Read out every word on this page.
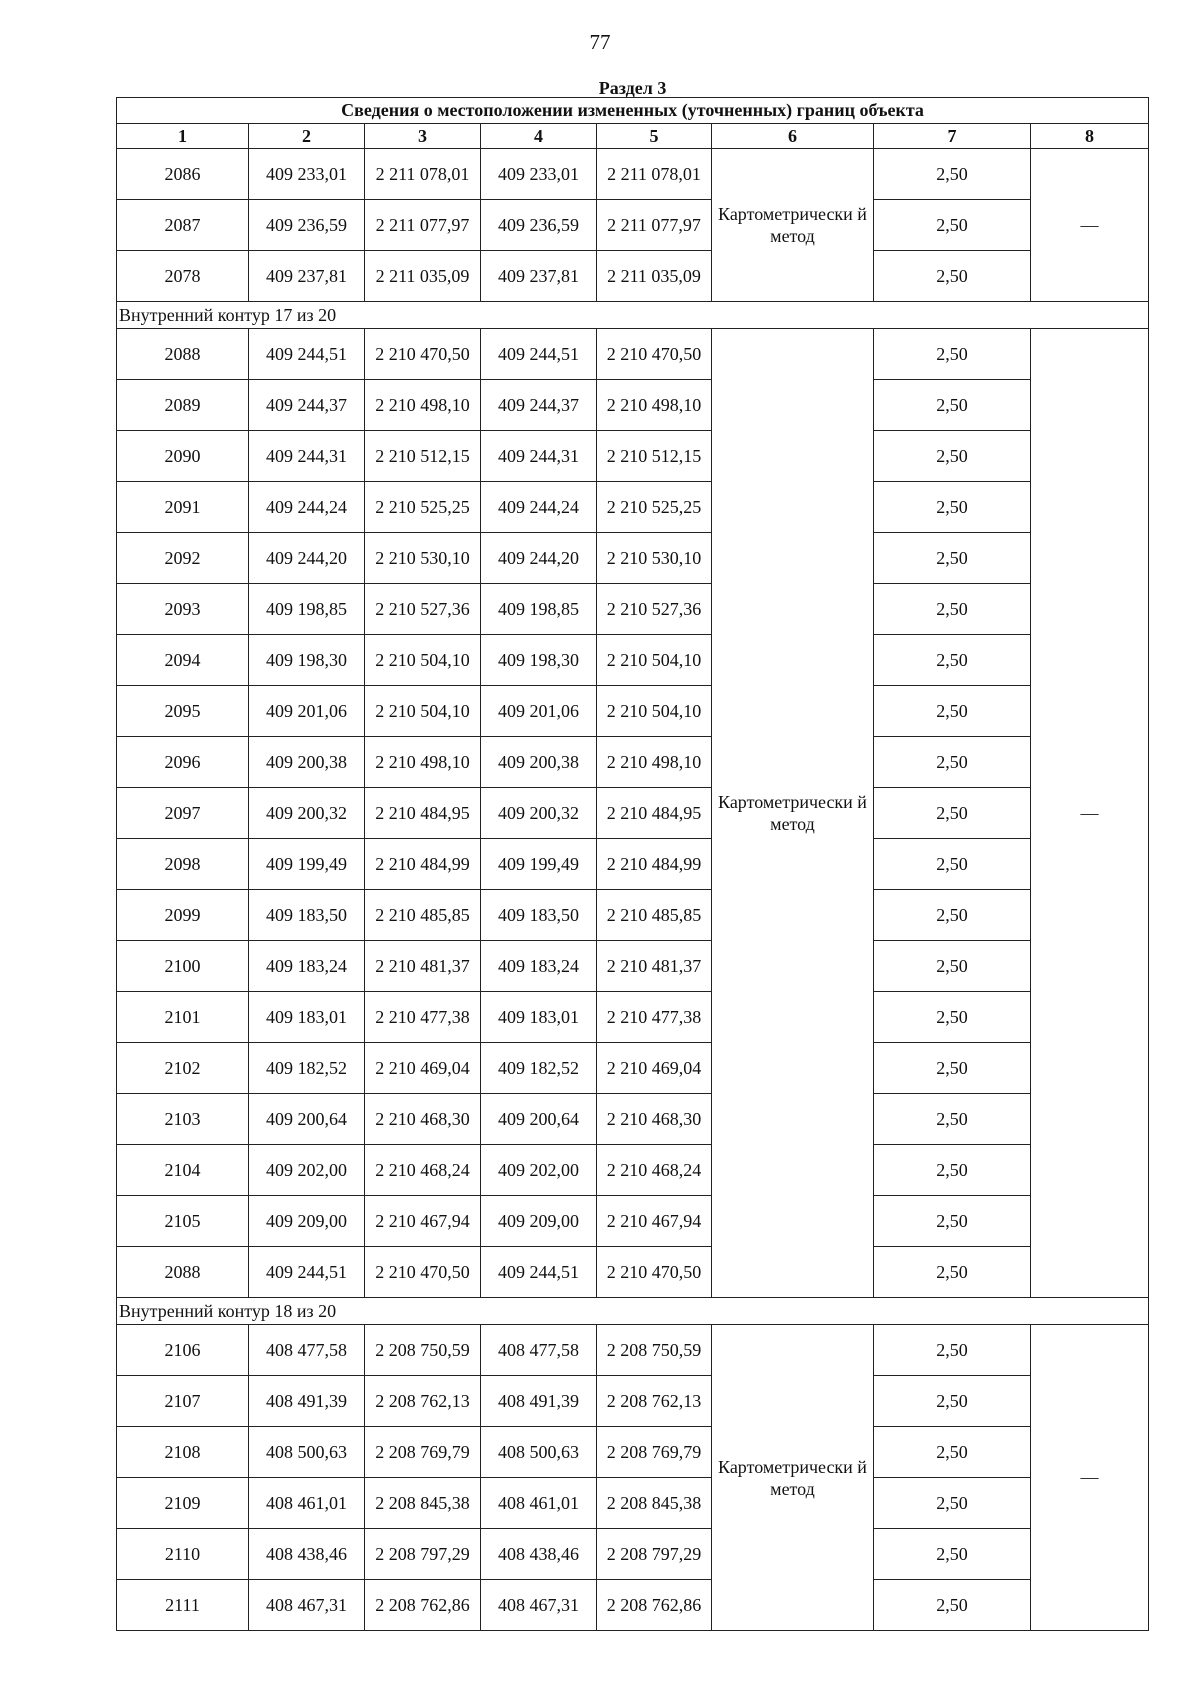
77
Раздел 3							
Сведения о местоположении измененных (уточненных) границ объекта							
1	2	3	4	5	6	7	8
2086	409 233,01	2 211 078,01	409 233,01	2 211 078,01	Картометрически й метод	2,50	—
2087	409 236,59	2 211 077,97	409 236,59	2 211 077,97		2,50	
2078	409 237,81	2 211 035,09	409 237,81	2 211 035,09		2,50	
Внутренний контур 17 из 20							
2088	409 244,51	2 210 470,50	409 244,51	2 210 470,50	Картометрически й метод	2,50	—
2089	409 244,37	2 210 498,10	409 244,37	2 210 498,10		2,50	
2090	409 244,31	2 210 512,15	409 244,31	2 210 512,15		2,50	
2091	409 244,24	2 210 525,25	409 244,24	2 210 525,25		2,50	
2092	409 244,20	2 210 530,10	409 244,20	2 210 530,10		2,50	
2093	409 198,85	2 210 527,36	409 198,85	2 210 527,36		2,50	
2094	409 198,30	2 210 504,10	409 198,30	2 210 504,10		2,50	
2095	409 201,06	2 210 504,10	409 201,06	2 210 504,10		2,50	
2096	409 200,38	2 210 498,10	409 200,38	2 210 498,10		2,50	
2097	409 200,32	2 210 484,95	409 200,32	2 210 484,95		2,50	
2098	409 199,49	2 210 484,99	409 199,49	2 210 484,99		2,50	
2099	409 183,50	2 210 485,85	409 183,50	2 210 485,85		2,50	
2100	409 183,24	2 210 481,37	409 183,24	2 210 481,37		2,50	
2101	409 183,01	2 210 477,38	409 183,01	2 210 477,38		2,50	
2102	409 182,52	2 210 469,04	409 182,52	2 210 469,04		2,50	
2103	409 200,64	2 210 468,30	409 200,64	2 210 468,30		2,50	
2104	409 202,00	2 210 468,24	409 202,00	2 210 468,24		2,50	
2105	409 209,00	2 210 467,94	409 209,00	2 210 467,94		2,50	
2088	409 244,51	2 210 470,50	409 244,51	2 210 470,50		2,50	
Внутренний контур 18 из 20							
2106	408 477,58	2 208 750,59	408 477,58	2 208 750,59	Картометрически й метод	2,50	—
2107	408 491,39	2 208 762,13	408 491,39	2 208 762,13		2,50	
2108	408 500,63	2 208 769,79	408 500,63	2 208 769,79		2,50	
2109	408 461,01	2 208 845,38	408 461,01	2 208 845,38		2,50	
2110	408 438,46	2 208 797,29	408 438,46	2 208 797,29		2,50	
2111	408 467,31	2 208 762,86	408 467,31	2 208 762,86		2,50	
